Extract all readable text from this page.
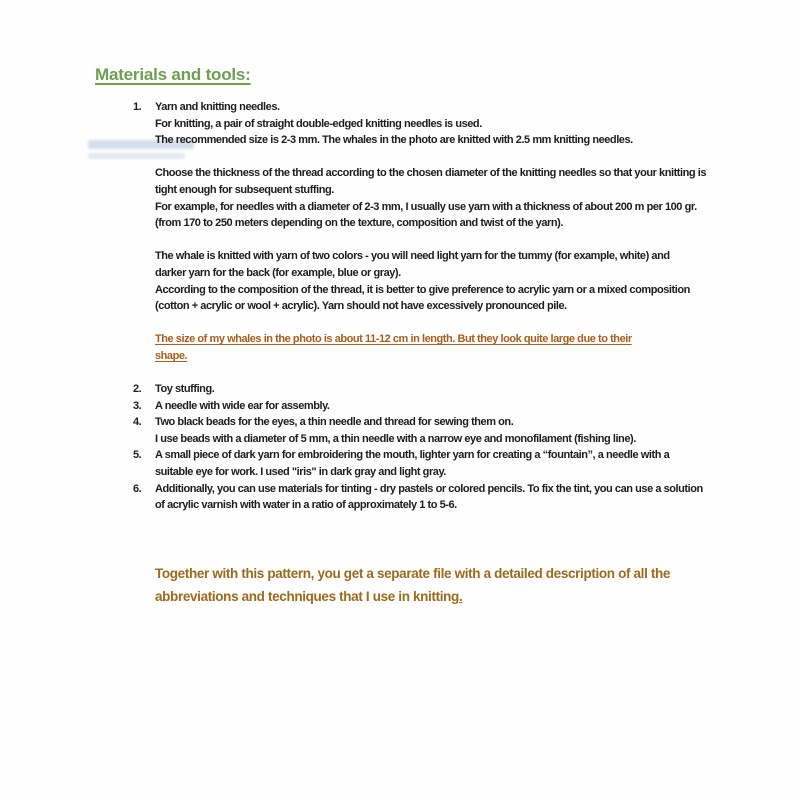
Materials and tools:
1.	Yarn and knitting needles.
For knitting, a pair of straight double-edged knitting needles is used.
The recommended size is 2-3 mm. The whales in the photo are knitted with 2.5 mm knitting needles.
Choose the thickness of the thread according to the chosen diameter of the knitting needles so that your knitting is
tight enough for subsequent stuffing.
For example, for needles with a diameter of 2-3 mm, I usually use yarn with a thickness of about 200 m per 100 gr.
(from 170 to 250 meters depending on the texture, composition and twist of the yarn).
The whale is knitted with yarn of two colors - you will need light yarn for the tummy (for example, white) and
darker yarn for the back (for example, blue or gray).
According to the composition of the thread, it is better to give preference to acrylic yarn or a mixed composition
(cotton + acrylic or wool + acrylic). Yarn should not have excessively pronounced pile.
The size of my whales in the photo is about 11-12 cm in length. But they look quite large due to their
shape.
2.	Toy stuffing.
3.	A needle with wide ear for assembly.
4.	Two black beads for the eyes, a thin needle and thread for sewing them on.
I use beads with a diameter of 5 mm, a thin needle with a narrow eye and monofilament (fishing line).
5.	A small piece of dark yarn for embroidering the mouth, lighter yarn for creating a “fountain”, a needle with a
suitable eye for work. I used "iris" in dark gray and light gray.
6.	Additionally, you can use materials for tinting - dry pastels or colored pencils. To fix the tint, you can use a solution
of acrylic varnish with water in a ratio of approximately 1 to 5-6.
Together with this pattern, you get a separate file with a detailed description of all the
abbreviations and techniques that I use in knitting.
